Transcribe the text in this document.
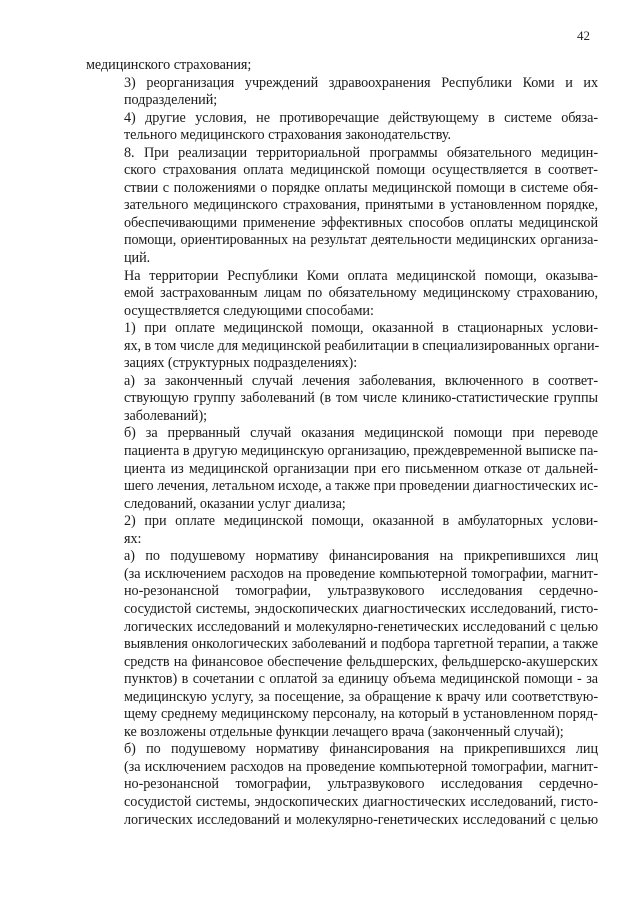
42
медицинского страхования;
3) реорганизация учреждений здравоохранения Республики Коми и их
подразделений;
4) другие условия, не противоречащие действующему в системе обяза-
тельного медицинского страхования законодательству.
8. При реализации территориальной программы обязательного медицин-
ского страхования оплата медицинской помощи осуществляется в соответ-
ствии с положениями о порядке оплаты медицинской помощи в системе обя-
зательного медицинского страхования, принятыми в установленном порядке,
обеспечивающими применение эффективных способов оплаты медицинской
помощи, ориентированных на результат деятельности медицинских организа-
ций.
На территории Республики Коми оплата медицинской помощи, оказыва-
емой застрахованным лицам по обязательному медицинскому страхованию,
осуществляется следующими способами:
1) при оплате медицинской помощи, оказанной в стационарных услови-
ях, в том числе для медицинской реабилитации в специализированных органи-
зациях (структурных подразделениях):
а) за законченный случай лечения заболевания, включенного в соответ-
ствующую группу заболеваний (в том числе клинико-статистические группы
заболеваний);
б) за прерванный случай оказания медицинской помощи при переводе
пациента в другую медицинскую организацию, преждевременной выписке па-
циента из медицинской организации при его письменном отказе от дальней-
шего лечения, летальном исходе, а также при проведении диагностических ис-
следований, оказании услуг диализа;
2) при оплате медицинской помощи, оказанной в амбулаторных услови-
ях:
а) по подушевому нормативу финансирования на прикрепившихся лиц
(за исключением расходов на проведение компьютерной томографии, магнит-
но-резонансной томографии, ультразвукового исследования сердечно-
сосудистой системы, эндоскопических диагностических исследований, гисто-
логических исследований и молекулярно-генетических исследований с целью
выявления онкологических заболеваний и подбора таргетной терапии, а также
средств на финансовое обеспечение фельдшерских, фельдшерско-акушерских
пунктов) в сочетании с оплатой за единицу объема медицинской помощи - за
медицинскую услугу, за посещение, за обращение к врачу или соответствую-
щему среднему медицинскому персоналу, на который в установленном поряд-
ке возложены отдельные функции лечащего врача (законченный случай);
б) по подушевому нормативу финансирования на прикрепившихся лиц
(за исключением расходов на проведение компьютерной томографии, магнит-
но-резонансной томографии, ультразвукового исследования сердечно-
сосудистой системы, эндоскопических диагностических исследований, гисто-
логических исследований и молекулярно-генетических исследований с целью
